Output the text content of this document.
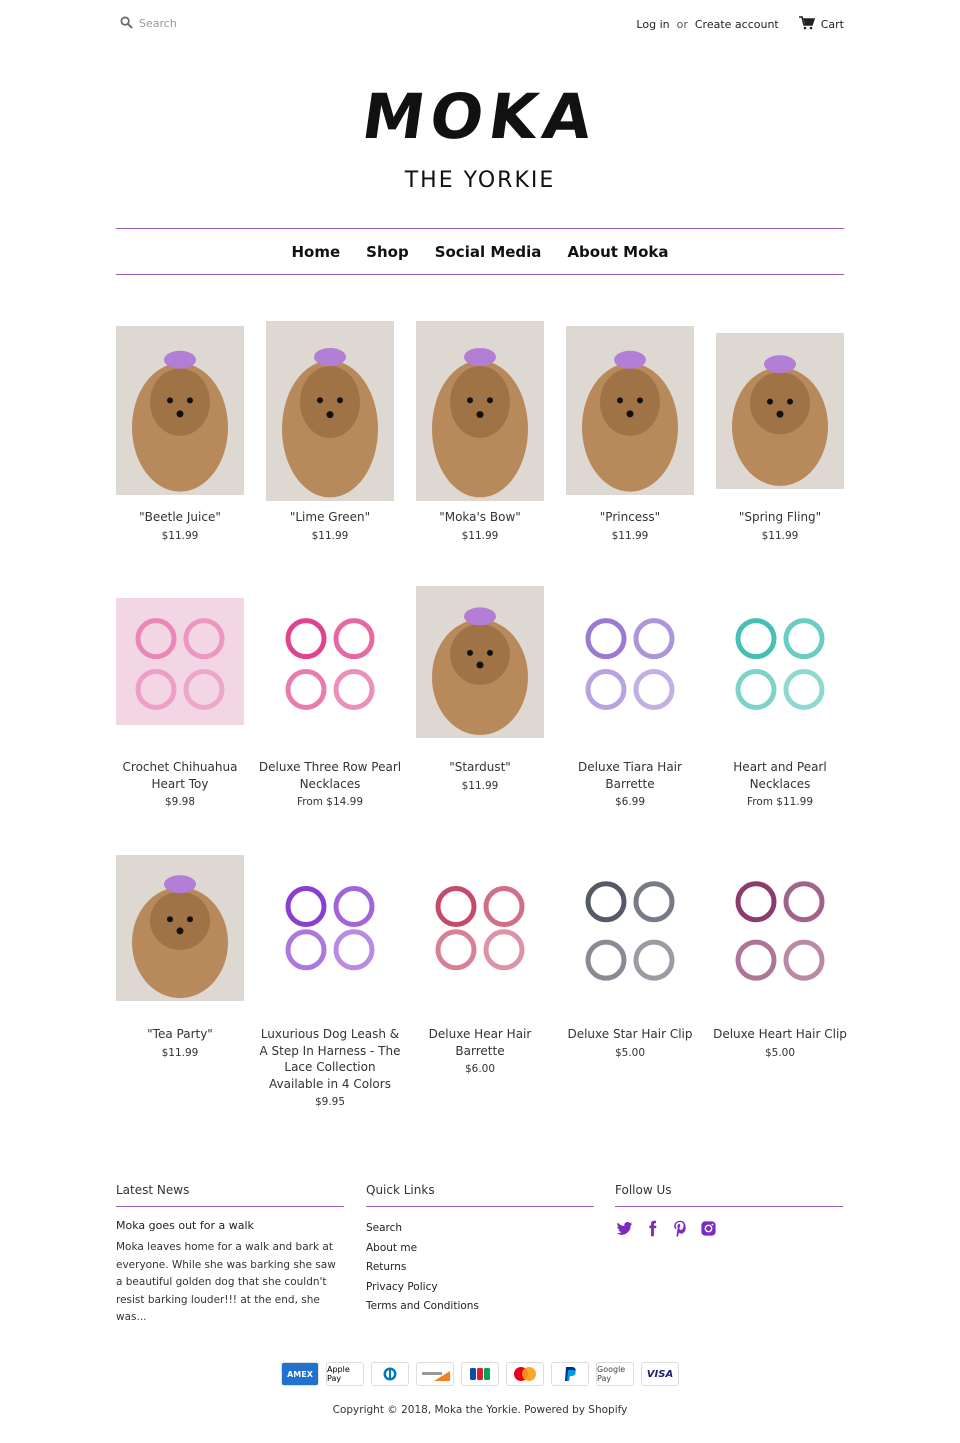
Search
Log in or Create account	Cart
MOKA
THE YORKIE
Home Shop Social Media About Moka
"Beetle Juice"
$11.99
"Lime Green"
$11.99
"Moka's Bow"
$11.99
"Princess"
$11.99
"Spring Fling"
$11.99
Crochet Chihuahua Heart Toy
$9.98
Deluxe Three Row Pearl Necklaces
From $14.99
"Stardust"
$11.99
Deluxe Tiara Hair Barrette
$6.99
Heart and Pearl Necklaces
From $11.99
"Tea Party"
$11.99
Luxurious Dog Leash & A Step In Harness - The Lace Collection Available in 4 Colors
$9.95
Deluxe Hear Hair Barrette
$6.00
Deluxe Star Hair Clip
$5.00
Deluxe Heart Hair Clip
$5.00
Latest News
Moka goes out for a walk

Moka leaves home for a walk and bark at everyone. While she was barking she saw a beautiful golden dog that she couldn't resist barking louder!!! at the end, she was...

Quick Links
Search
About me
Returns
Privacy Policy
Terms and Conditions
Follow Us
AMEX	Apple Pay
Google Pay	VISA
Copyright © 2018, Moka the Yorkie. Powered by Shopify
